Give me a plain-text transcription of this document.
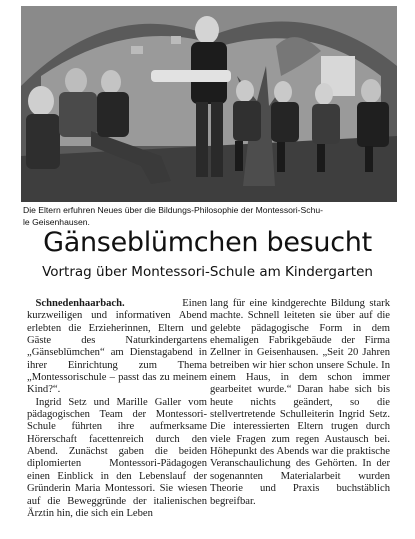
Die Eltern erfuhren Neues über die Bildungs-Philosophie der Montessori-Schu-

le Geisenhausen.

Gänseblümchen besucht
Vortrag über Montessori-Schule am Kindergarten

Schnedenhaarbach.	Einen kurzweiligen und informativen Abend erlebten die Erzieherinnen, Eltern und Gäste des Naturkindergartens „Gänseblümchen“ am Dienstagabend in ihrer Einrichtung zum Thema „Montessorischule – passt das zu meinem Kind?“.

Ingrid Setz und Marille Galler vom pädagogischen Team der Montessori-Schule führten ihre aufmerksame Hörerschaft facettenreich durch den Abend. Zunächst gaben die beiden diplomierten Montessori-Pädagogen einen Einblick in den Lebenslauf der Gründerin Maria Montessori. Sie wiesen auf die Beweggründe der italienischen Ärztin hin, die sich ein Leben

lang für eine kindgerechte Bildung stark machte. Schnell leiteten sie über auf die gelebte pädagogische Form in dem ehemaligen Fabrikgebäude der Firma Zellner in Geisenhausen. „Seit 20 Jahren betreiben wir hier schon unsere Schule. In einem Haus, in dem schon immer gearbeitet wurde.“ Daran habe sich bis heute nichts geändert, so die stellvertretende Schulleiterin Ingrid Setz. Die interessierten Eltern trugen durch viele Fragen zum regen Austausch bei. Höhepunkt des Abends war die praktische Veranschaulichung des Gehörten. In der sogenannten Materialarbeit wurden Theorie und Praxis buchstäblich begreifbar.
